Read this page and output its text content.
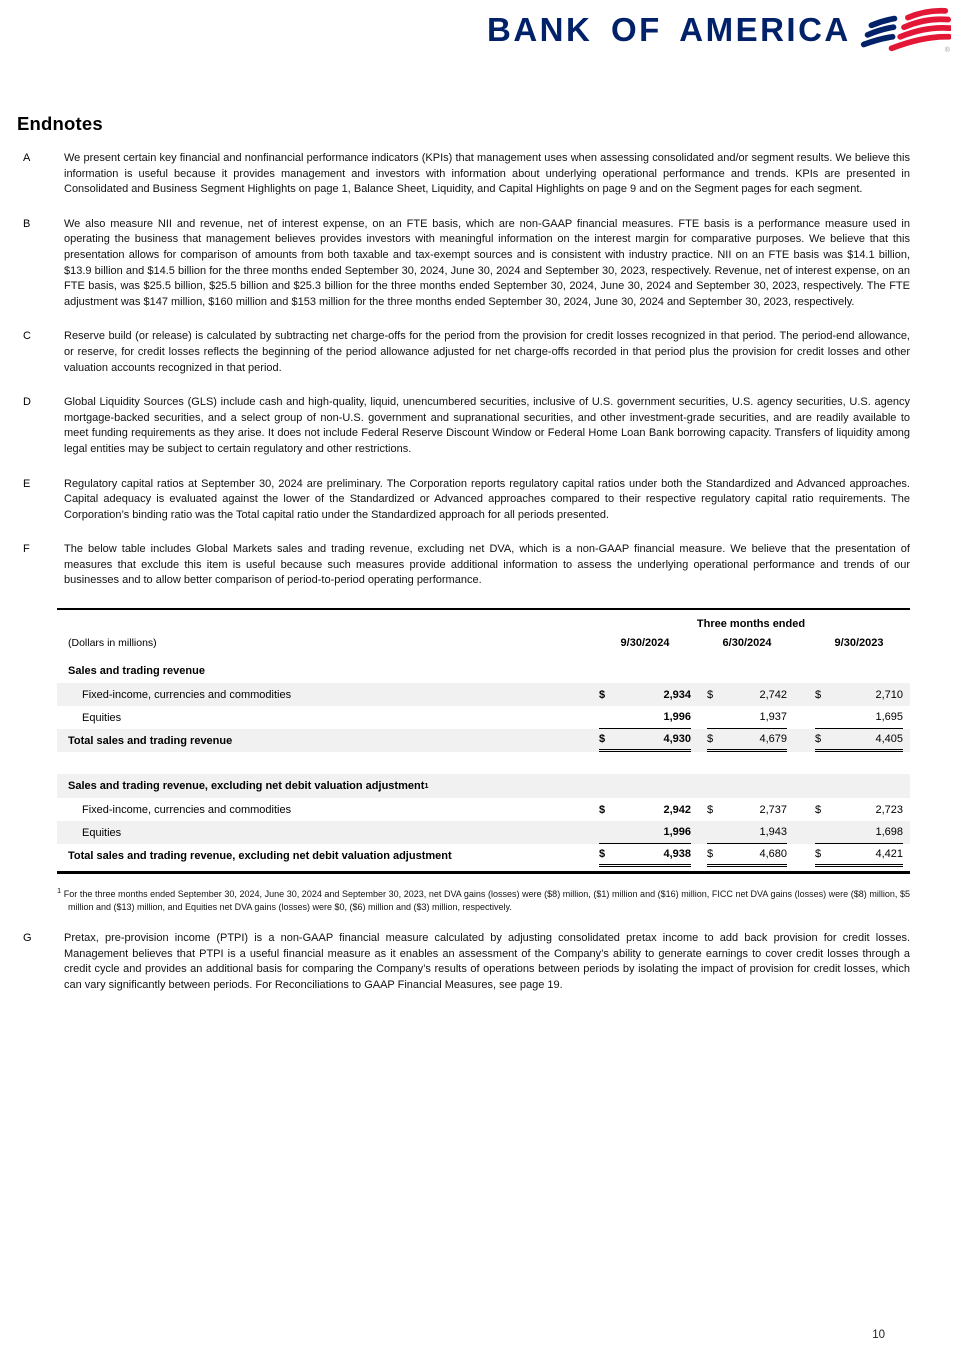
BANK OF AMERICA
®
Endnotes
A	We present certain key financial and nonfinancial performance indicators (KPIs) that management uses when assessing consolidated and/or segment results. We believe this information is useful because it provides management and investors with information about underlying operational performance and trends. KPIs are presented in Consolidated and Business Segment Highlights on page 1, Balance Sheet, Liquidity, and Capital Highlights on page 9 and on the Segment pages for each segment.

B	We also measure NII and revenue, net of interest expense, on an FTE basis, which are non-GAAP financial measures. FTE basis is a performance measure used in operating the business that management believes provides investors with meaningful information on the interest margin for comparative purposes. We believe that this presentation allows for comparison of amounts from both taxable and tax-exempt sources and is consistent with industry practice. NII on an FTE basis was $14.1 billion, $13.9 billion and $14.5 billion for the three months ended September 30, 2024, June 30, 2024 and September 30, 2023, respectively. Revenue, net of interest expense, on an FTE basis, was $25.5 billion, $25.5 billion and $25.3 billion for the three months ended September 30, 2024, June 30, 2024 and September 30, 2023, respectively. The FTE adjustment was $147 million, $160 million and $153 million for the three months ended September 30, 2024, June 30, 2024 and September 30, 2023, respectively.

C	Reserve build (or release) is calculated by subtracting net charge-offs for the period from the provision for credit losses recognized in that period. The period-end allowance, or reserve, for credit losses reflects the beginning of the period allowance adjusted for net charge-offs recorded in that period plus the provision for credit losses and other valuation accounts recognized in that period.

D	Global Liquidity Sources (GLS) include cash and high-quality, liquid, unencumbered securities, inclusive of U.S. government securities, U.S. agency securities, U.S. agency mortgage-backed securities, and a select group of non-U.S. government and supranational securities, and other investment-grade securities, and are readily available to meet funding requirements as they arise. It does not include Federal Reserve Discount Window or Federal Home Loan Bank borrowing capacity. Transfers of liquidity among legal entities may be subject to certain regulatory and other restrictions.

E	Regulatory capital ratios at September 30, 2024 are preliminary. The Corporation reports regulatory capital ratios under both the Standardized and Advanced approaches. Capital adequacy is evaluated against the lower of the Standardized or Advanced approaches compared to their respective regulatory capital ratio requirements. The Corporation’s binding ratio was the Total capital ratio under the Standardized approach for all periods presented.

F	The below table includes Global Markets sales and trading revenue, excluding net DVA, which is a non-GAAP financial measure. We believe that the presentation of measures that exclude this item is useful because such measures provide additional information to assess the underlying operational performance and trends of our businesses and to allow better comparison of period-to-period operating performance.

Three months ended
(Dollars in millions)	9/30/2024	6/30/2024	9/30/2023
Sales and trading revenue
Fixed-income, currencies and commodities	$	2,934 $	2,742	$	2,710
Equities	1,996	1,937	1,695
Total sales and trading revenue	$	4,930 $	4,679	$	4,405
Sales and trading revenue, excluding net debit valuation adjustment 1
Fixed-income, currencies and commodities	$	2,942 $	2,737	$	2,723
Equities	1,996	1,943	1,698
Total sales and trading revenue, excluding net debit valuation adjustment	$	4,938 $	4,680	$	4,421

$^1$ For the three months ended September 30, 2024, June 30, 2024 and September 30, 2023, net DVA gains (losses) were ($8) million, ($1) million and ($16) million, FICC net DVA gains (losses) were ($8) million, $5 million and ($13) million, and Equities net DVA gains (losses) were $0, ($6) million and ($3) million, respectively.

G	Pretax, pre-provision income (PTPI) is a non-GAAP financial measure calculated by adjusting consolidated pretax income to add back provision for credit losses. Management believes that PTPI is a useful financial measure as it enables an assessment of the Company’s ability to generate earnings to cover credit losses through a credit cycle and provides an additional basis for comparing the Company’s results of operations between periods by isolating the impact of provision for credit losses, which can vary significantly between periods. For Reconciliations to GAAP Financial Measures, see page 19.

10
